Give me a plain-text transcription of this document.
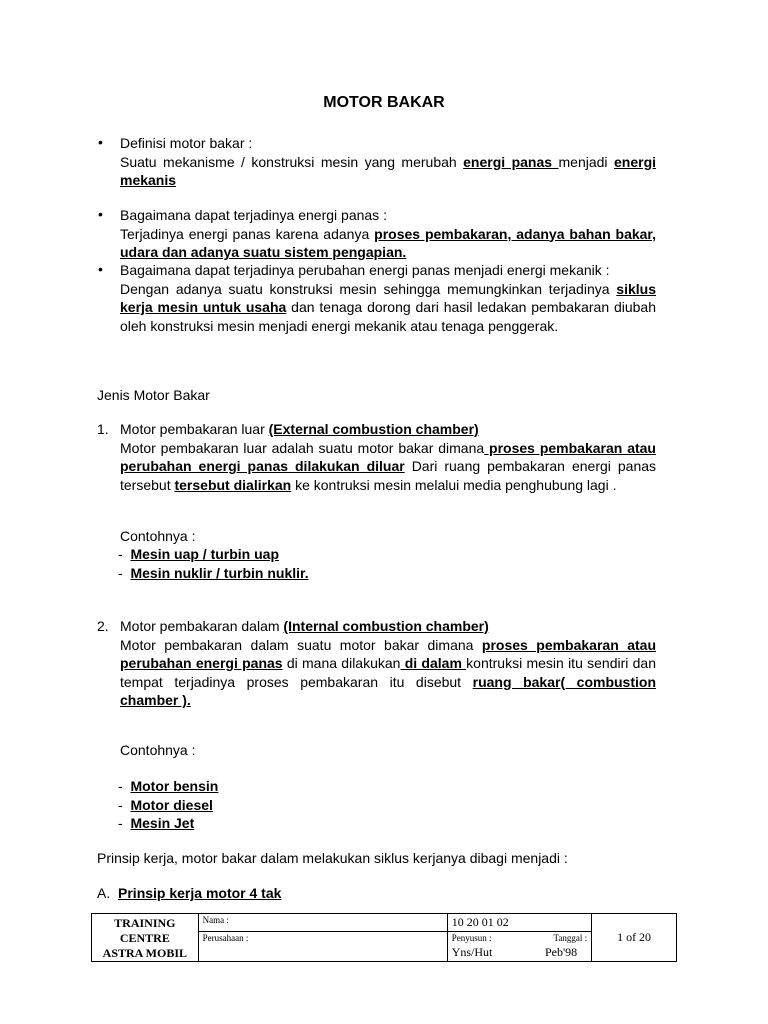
MOTOR BAKAR
• Definisi motor bakar :
Suatu mekanisme / konstruksi mesin yang merubah energi panas menjadi energi mekanis
• Bagaimana dapat terjadinya energi panas :
Terjadinya energi panas karena adanya proses pembakaran, adanya bahan bakar, udara dan adanya suatu sistem pengapian.
• Bagaimana dapat terjadinya perubahan energi panas menjadi energi mekanik :
Dengan adanya suatu konstruksi mesin sehingga memungkinkan terjadinya siklus kerja mesin untuk usaha dan tenaga dorong dari hasil ledakan pembakaran diubah oleh konstruksi mesin menjadi energi mekanik atau tenaga penggerak.
Jenis Motor Bakar
1. Motor pembakaran luar (External combustion chamber)
Motor pembakaran luar adalah suatu motor bakar dimana proses pembakaran atau perubahan energi panas dilakukan diluar Dari ruang pembakaran energi panas tersebut tersebut dialirkan ke kontruksi mesin melalui media penghubung lagi .
Contohnya :
-  Mesin uap / turbin uap
-  Mesin nuklir / turbin nuklir.
2. Motor pembakaran dalam (Internal combustion chamber)
Motor pembakaran dalam suatu motor bakar dimana proses pembakaran atau perubahan energi panas di mana dilakukan di dalam kontruksi mesin itu sendiri dan tempat terjadinya proses pembakaran itu disebut ruang bakar( combustion chamber ).
Contohnya :
-  Motor bensin
-  Motor diesel
-  Mesin Jet
Prinsip kerja, motor bakar dalam melakukan siklus kerjanya dibagi menjadi :
A. Prinsip kerja motor 4 tak
TRAINING
CENTRE
ASTRA MOBIL	Nama :	10 20 01 02	1 of 20
	Perusahaan :	Penyusun : Tanggal :
Yns/Hut Peb'98	
